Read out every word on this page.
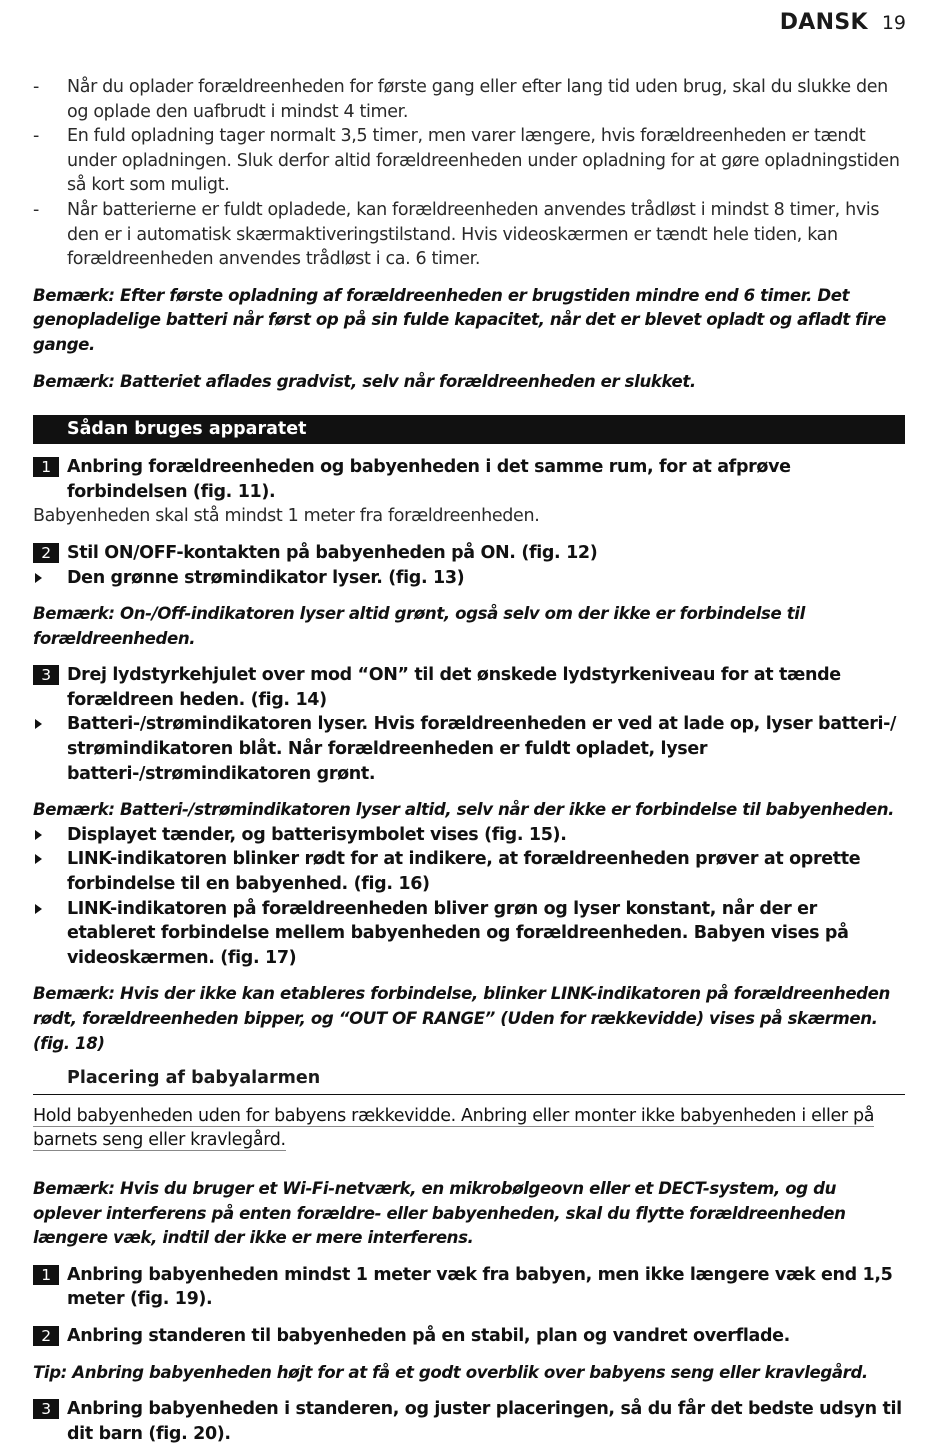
DANSK 19
- Når du oplader forældreenheden for første gang eller efter lang tid uden brug, skal du slukke den og oplade den uafbrudt i mindst 4 timer.
- En fuld opladning tager normalt 3,5 timer, men varer længere, hvis forældreenheden er tændt under opladningen. Sluk derfor altid forældreenheden under opladning for at gøre opladningstiden så kort som muligt.
- Når batterierne er fuldt opladede, kan forældreenheden anvendes trådløst i mindst 8 timer, hvis den er i automatisk skærmaktiveringstilstand. Hvis videoskærmen er tændt hele tiden, kan forældreenheden anvendes trådløst i ca. 6 timer.
Bemærk: Efter første opladning af forældreenheden er brugstiden mindre end 6 timer. Det genopladelige batteri når først op på sin fulde kapacitet, når det er blevet opladt og afladt fire gange.
Bemærk: Batteriet aflades gradvist, selv når forældreenheden er slukket.
Sådan bruges apparatet
1 Anbring forældreenheden og babyenheden i det samme rum, for at afprøve forbindelsen (fig. 11).
Babyenheden skal stå mindst 1 meter fra forældreenheden.
2 Stil ON/OFF-kontakten på babyenheden på ON. (fig. 12)
Den grønne strømindikator lyser. (fig. 13)
Bemærk: On-/Off-indikatoren lyser altid grønt, også selv om der ikke er forbindelse til forældreenheden.
3 Drej lydstyrkehjulet over mod “ON” til det ønskede lydstyrkeniveau for at tænde forældreen heden. (fig. 14)
Batteri-/strømindikatoren lyser. Hvis forældreenheden er ved at lade op, lyser batteri-/ strømindikatoren blåt. Når forældreenheden er fuldt opladet, lyser batteri-/strømindikatoren grønt.
Bemærk: Batteri-/strømindikatoren lyser altid, selv når der ikke er forbindelse til babyenheden.
Displayet tænder, og batterisymbolet vises (fig. 15).
LINK-indikatoren blinker rødt for at indikere, at forældreenheden prøver at oprette forbindelse til en babyenhed. (fig. 16)
LINK-indikatoren på forældreenheden bliver grøn og lyser konstant, når der er etableret forbindelse mellem babyenheden og forældreenheden. Babyen vises på videoskærmen. (fig. 17)
Bemærk: Hvis der ikke kan etableres forbindelse, blinker LINK-indikatoren på forældreenheden rødt, forældreenheden bipper, og “OUT OF RANGE” (Uden for rækkevidde) vises på skærmen. (fig. 18)
Placering af babyalarmen
Hold babyenheden uden for babyens rækkevidde. Anbring eller monter ikke babyenheden i eller på barnets seng eller kravlegård.
Bemærk: Hvis du bruger et Wi-Fi-netværk, en mikrobølgeovn eller et DECT-system, og du oplever interferens på enten forældre- eller babyenheden, skal du flytte forældreenheden længere væk, indtil der ikke er mere interferens.
1 Anbring babyenheden mindst 1 meter væk fra babyen, men ikke længere væk end 1,5 meter (fig. 19).
2 Anbring standeren til babyenheden på en stabil, plan og vandret overflade.
Tip: Anbring babyenheden højt for at få et godt overblik over babyens seng eller kravlegård.
3 Anbring babyenheden i standeren, og juster placeringen, så du får det bedste udsyn til dit barn (fig. 20).
